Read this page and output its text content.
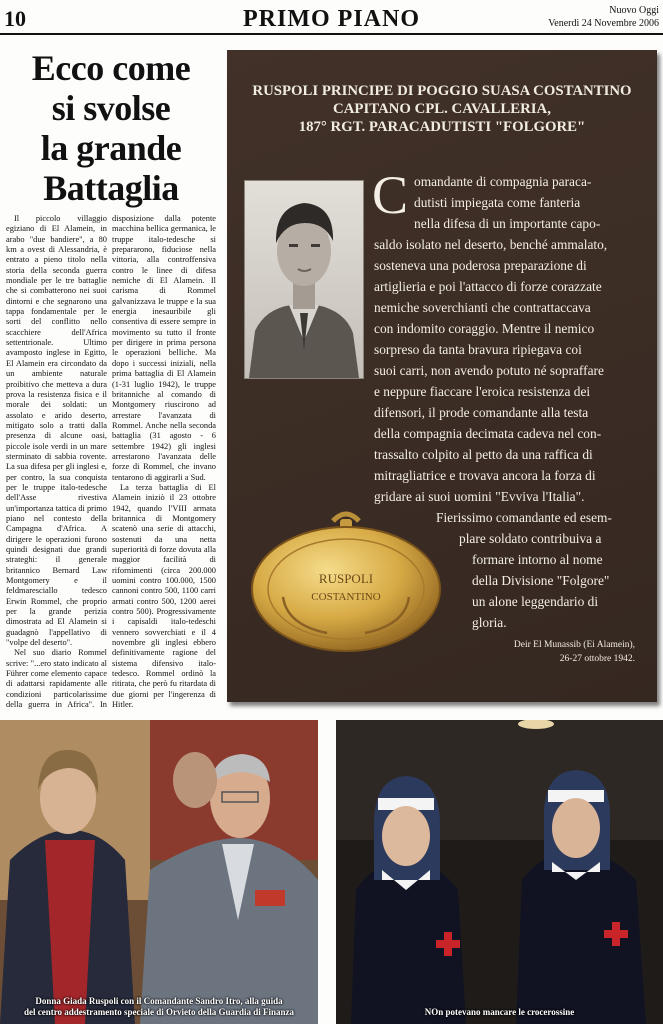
10	PRIMO PIANO	Nuovo Oggi
Venerdì 24 Novembre 2006
Ecco come
si svolse
la grande
Battaglia

Il piccolo villaggio egiziano di El Alamein, in arabo "due bandiere", a 80 km a ovest di Alessandria, è entrato a pieno titolo nella storia della seconda guerra mondiale per le tre battaglie che si combatterono nei suoi dintorni e che segnarono una tappa fondamentale per le sorti del conflitto nello scacchiere dell'Africa settentrionale. Ultimo avamposto inglese in Egitto, El Alamein era circondato da un ambiente naturale proibitivo che metteva a dura prova la resistenza fisica e il morale dei soldati: un assolato e arido deserto, mitigato solo a tratti dalla presenza di alcune oasi, piccole isole verdi in un mare sterminato di sabbia rovente. La sua difesa per gli inglesi e, per contro, la sua conquista per le truppe italo-tedesche dell'Asse rivestiva un'importanza tattica di primo piano nel contesto della Campagna d'Africa. A dirigere le operazioni furono quindi designati due grandi strateghi: il generale britannico Bernard Law Montgomery e il feldmaresciallo tedesco Erwin Rommel, che proprio per la grande perizia dimostrata ad El Alamein si guadagnò l'appellativo di "volpe del deserto".

Nel suo diario Rommel scrive: "...ero stato indicato al Führer come elemento capace di adattarsi rapidamente alle condizioni particolarissime della guerra in Africa". In

disposizione dalla potente macchina bellica germanica, le truppe italo-tedesche si prepararono, fiduciose nella vittoria, alla controffensiva contro le linee di difesa nemiche di El Alamein. Il carisma di Rommel galvanizzava le truppe e la sua energia inesauribile gli consentiva di essere sempre in movimento su tutto il fronte per dirigere in prima persona le operazioni belliche. Ma dopo i successi iniziali, nella prima battaglia di El Alamein (1-31 luglio 1942), le truppe britanniche al comando di Montgomery riuscirono ad arrestare l'avanzata di Rommel. Anche nella seconda battaglia (31 agosto - 6 settembre 1942) gli inglesi arrestarono l'avanzata delle forze di Rommel, che invano tentarono di aggirarli a Sud.

La terza battaglia di El Alamein iniziò il 23 ottobre 1942, quando l'VIII armata britannica di Montgomery scatenò una serie di attacchi, sostenuti da una netta superiorità di forze dovuta alla maggior facilità di rifornimenti (circa 200.000 uomini contro 100.000, 1500 cannoni contro 500, 1100 carri armati contro 500, 1200 aerei contro 500). Progressivamente i capisaldi italo-tedeschi vennero sovverchiati e il 4 novembre gli inglesi ebbero definitivamente ragione del sistema difensivo italo-tedesco. Rommel ordinò la ritirata, che però fu ritardata di due giorni per l'ingerenza di Hitler.

RUSPOLI PRINCIPE DI POGGIO SUASA COSTANTINO
CAPITANO CPL. CAVALLERIA,
187° RGT. PARACADUTISTI "FOLGORE"
C omandante di compagnia paraca-
dutisti impiegata come fanteria
nella difesa di un importante capo-
saldo isolato nel deserto, benché ammalato,
sosteneva una poderosa preparazione di
artiglieria e poi l'attacco di forze corazzate
nemiche soverchianti che contrattaccava
con indomito coraggio. Mentre il nemico
sorpreso da tanta bravura ripiegava coi
suoi carri, non avendo potuto né sopraffare
e neppure fiaccare l'eroica resistenza dei
difensori, il prode comandante alla testa
della compagnia decimata cadeva nel con-
trassalto colpito al petto da una raffica di
mitragliatrice e trovava ancora la forza di
gridare ai suoi uomini "Evviva l'Italia".
Fierissimo comandante ed esem-
plare soldato contribuiva a
formare intorno al nome
della Divisione "Folgore"
un alone leggendario di
gloria.
RUSPOLI
COSTANTINO
Deir El Munassib (Ei Alamein),
26-27 ottobre 1942.
Donna Giada Ruspoli con il Comandante Sandro Itro, alla guida
del centro addestramento speciale di Orvieto della Guardia di Finanza	NOn potevano mancare le crocerossine
